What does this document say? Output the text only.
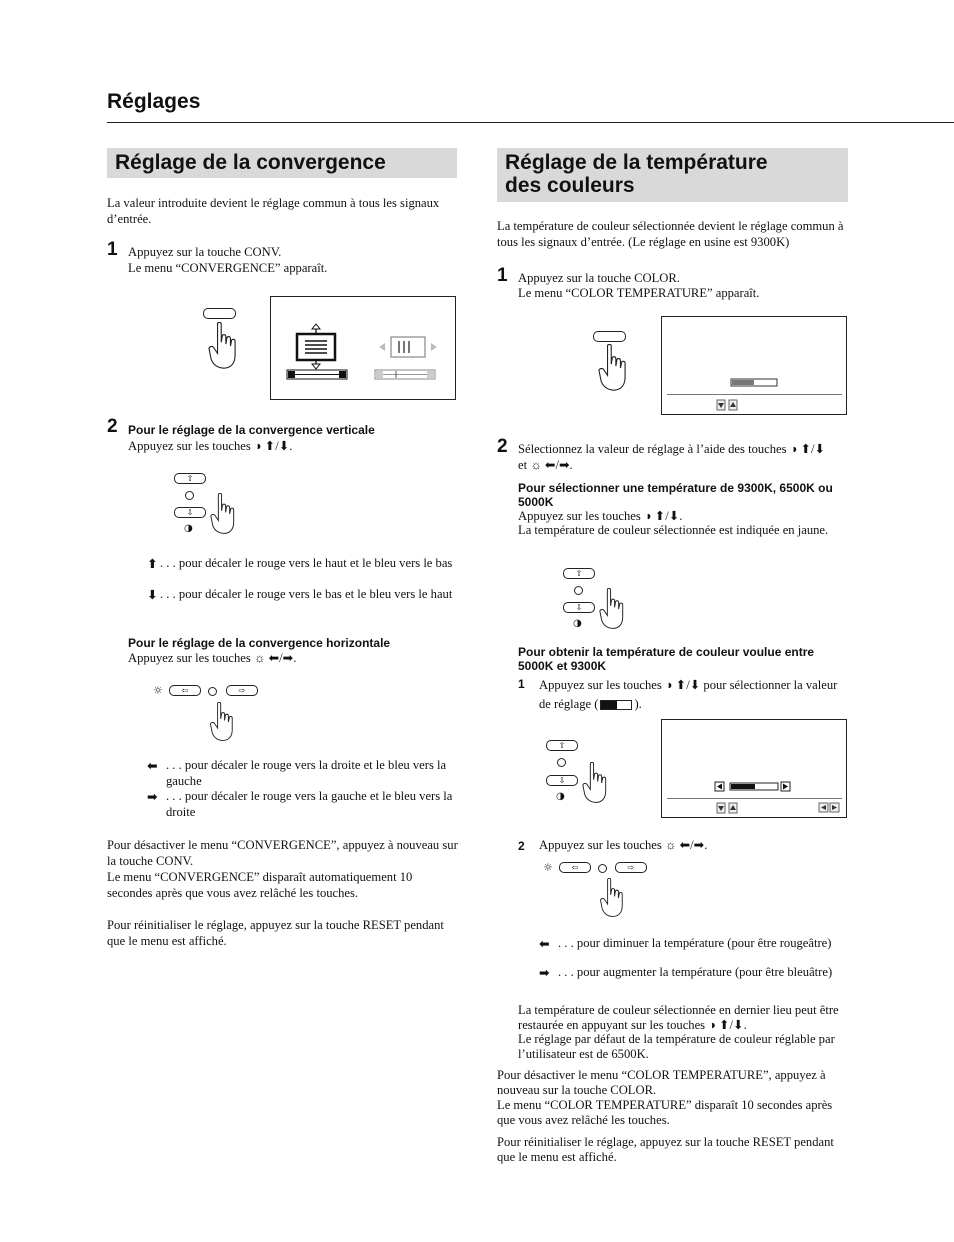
Réglages
Réglage de la convergence
La valeur introduite devient le réglage commun à tous les signaux d’entrée.
1 Appuyez sur la touche CONV.
Le menu “CONVERGENCE” apparaît.
2 Pour le réglage de la convergence verticale
Appuyez sur les touches ◑ ⬆/⬇.
⇧
⇩
◑
⬆ . . . pour décaler le rouge vers le haut et le bleu vers le bas
⬇ . . . pour décaler le rouge vers le bas et le bleu vers le haut
Pour le réglage de la convergence horizontale
Appuyez sur les touches ☼ ⬅/➡.
☼	⇦	⇨
⬅ . . . pour décaler le rouge vers la droite et le bleu vers la gauche
➡ . . . pour décaler le rouge vers la gauche et le bleu vers la droite
Pour désactiver le menu “CONVERGENCE”, appuyez à nouveau sur la touche CONV.
Le menu “CONVERGENCE” disparaît automatiquement 10 secondes après que vous avez relâché les touches.
Pour réinitialiser le réglage, appuyez sur la touche RESET pendant que le menu est affiché.
Réglage de la température
des couleurs
La température de couleur sélectionnée devient le réglage commun à tous les signaux d’entrée. (Le réglage en usine est 9300K)
1 Appuyez sur la touche COLOR.
Le menu “COLOR TEMPERATURE” apparaît.
2 Sélectionnez la valeur de réglage à l’aide des touches ◑ ⬆/⬇ et ☼ ⬅/➡.
Pour sélectionner une température de 9300K, 6500K ou 5000K
Appuyez sur les touches ◑ ⬆/⬇.
La température de couleur sélectionnée est indiquée en jaune.
⇧
⇩
◑
Pour obtenir la température de couleur voulue entre 5000K et 9300K
1 Appuyez sur les touches ◑ ⬆/⬇ pour sélectionner la valeur de réglage (	).
⇧
⇩
◑
2 Appuyez sur les touches ☼ ⬅/➡.
☼	⇦	⇨
⬅ . . . pour diminuer la température (pour être rougeâtre)
➡ . . . pour augmenter la température (pour être bleuâtre)
La température de couleur sélectionnée en dernier lieu peut être restaurée en appuyant sur les touches ◑ ⬆/⬇.
Le réglage par défaut de la température de couleur réglable par l’utilisateur est de 6500K.
Pour désactiver le menu “COLOR TEMPERATURE”, appuyez à nouveau sur la touche COLOR.
Le menu “COLOR TEMPERATURE” disparaît 10 secondes après que vous avez relâché les touches.
Pour réinitialiser le réglage, appuyez sur la touche RESET pendant que le menu est affiché.
